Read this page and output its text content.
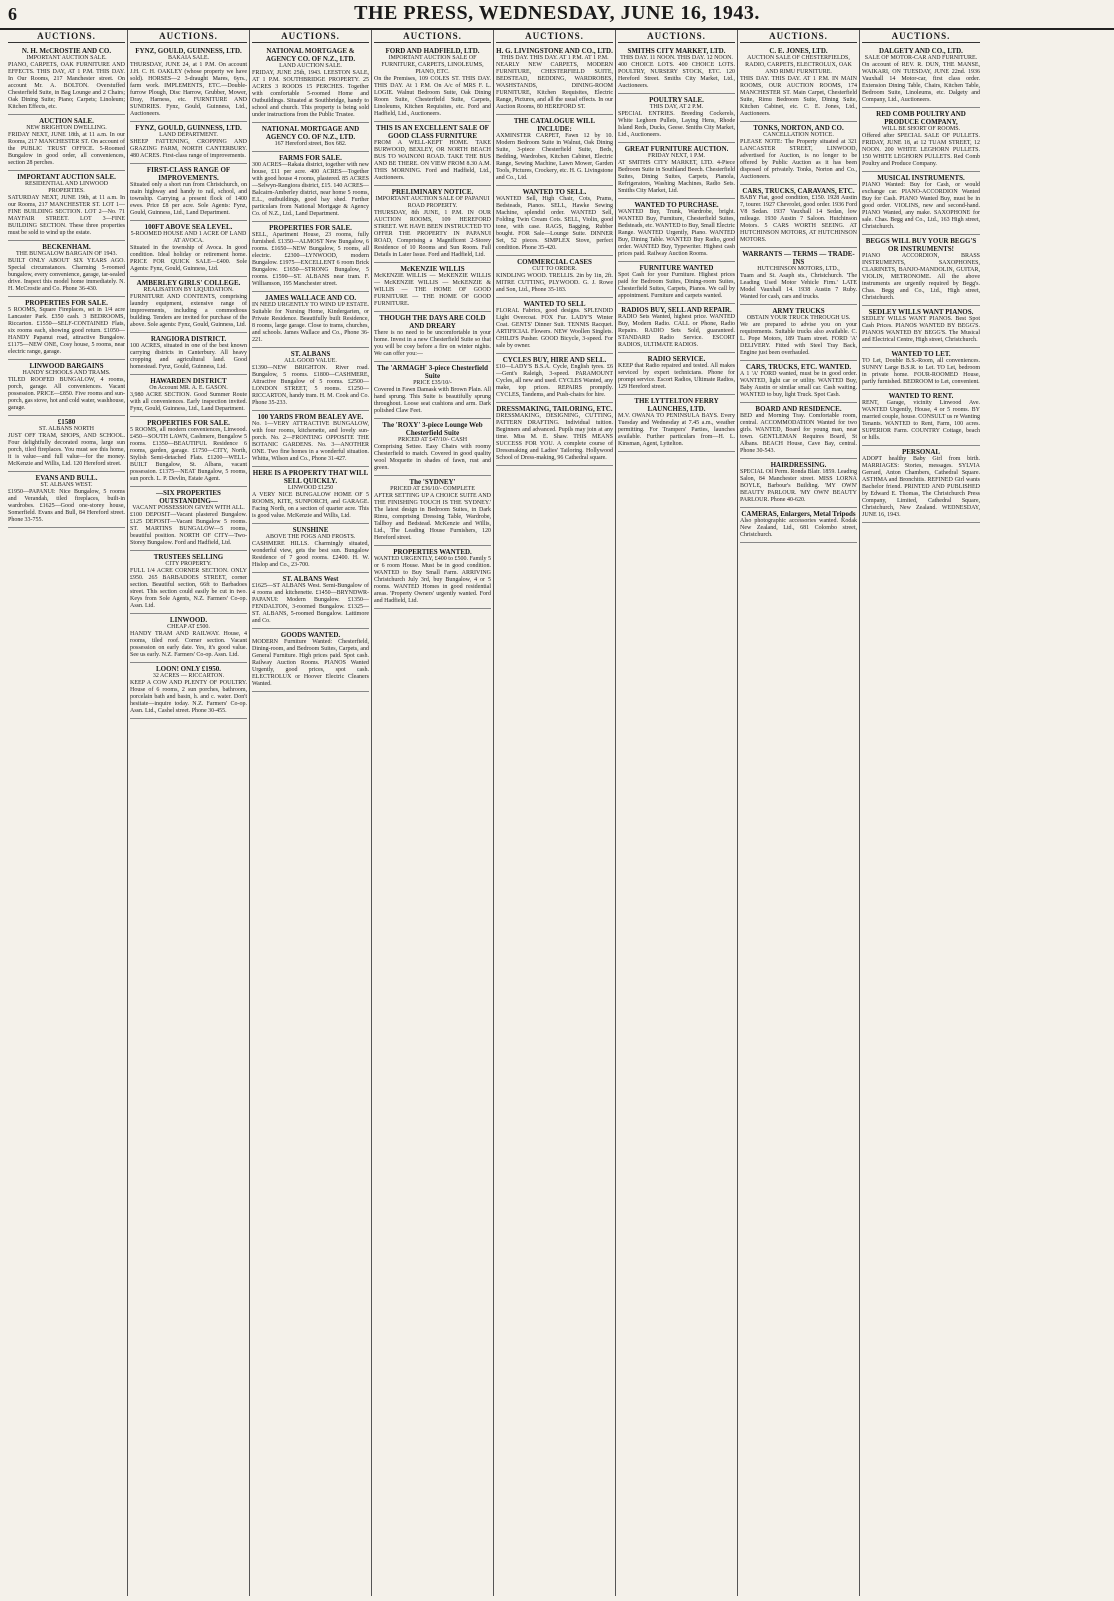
6	THE PRESS, WEDNESDAY, JUNE 16, 1943.
AUCTIONS.
N. H. McCROSTIE AND CO.
IMPORTANT AUCTION SALE.

PIANO, CARPETS, OAK FURNITURE AND EFFECTS. THIS DAY, AT 1 P.M. THIS DAY. In Our Rooms, 217 Manchester street. On account Mr. A. BOLTON. Overstuffed Chesterfield Suite, in Bag Lounge and 2 Chairs; Oak Dining Suite; Piano; Carpets; Linoleum; Kitchen Effects, etc.

AUCTION SALE.
NEW BRIGHTON DWELLING.

FRIDAY NEXT, JUNE 18th, at 11 a.m. In our Rooms, 217 MANCHESTER ST. On account of the PUBLIC TRUST OFFICE. 5-Roomed Bungalow in good order, all conveniences, section 28 perches.

IMPORTANT AUCTION SALE.
RESIDENTIAL AND LINWOOD PROPERTIES.

SATURDAY NEXT, JUNE 19th, at 11 a.m. In our Rooms, 217 MANCHESTER ST. LOT 1—FINE BUILDING SECTION. LOT 2—No. 71 MAYFAIR STREET. LOT 3—FINE BUILDING SECTION. These three properties must be sold to wind up the estate.

BECKENHAM.
THE BUNGALOW BARGAIN OF 1943.

BUILT ONLY ABOUT SIX YEARS AGO. Special circumstances. Charming 5-roomed bungalow, every convenience, garage, tar-sealed drive. Inspect this model home immediately. N. H. McCrostie and Co. Phone 36-430.

PROPERTIES FOR SALE.

5 ROOMS, Square Fireplaces, set in 1/4 acre Lancaster Park. £350 cash. 3 BEDROOMS, Riccarton. £1550—SELF-CONTAINED Flats, six rooms each, showing good return. £1050—HANDY Papanui road, attractive Bungalow. £1175—NEW ONE, Cosy house, 5 rooms, near electric range, garage.

LINWOOD BARGAINS
HANDY SCHOOLS AND TRAMS.

TILED ROOFED BUNGALOW, 4 rooms, porch, garage. All conveniences. Vacant possession. PRICE—£850. Five rooms and sun-porch, gas stove, hot and cold water, washhouse, garage.

£1580
ST. ALBANS NORTH

JUST OFF TRAM, SHOPS, AND SCHOOL. Four delightfully decorated rooms, large sun porch, tiled fireplaces. You must see this home, it is value—and full value—for the money. McKenzie and Willis, Ltd. 120 Hereford street.

EVANS AND BULL.
ST. ALBANS WEST.

£1950—PAPANUI: Nice Bungalow, 5 rooms and Verandah, tiled fireplaces, built-in wardrobes. £1625—Good one-storey house, Somerfield. Evans and Bull, 84 Hereford street. Phone 33-755.

AUCTIONS.
FYNZ, GOULD, GUINNESS, LTD.
BAKAIA SALE.

THURSDAY, JUNE 24, at 1 P.M. On account J.H. C. H. OAKLEY (whose property we have sold). HORSES—2 3-draught Mares, 6yrs., farm work. IMPLEMENTS, ETC.—Double-furrow Plough, Disc Harrow, Grubber, Mower, Dray, Harness, etc. FURNITURE AND SUNDRIES. Fynz, Gould, Guinness, Ltd., Auctioneers.

FYNZ, GOULD, GUINNESS, LTD.
LAND DEPARTMENT.

SHEEP FATTENING, CROPPING AND GRAZING FARM, NORTH CANTERBURY. 480 ACRES. First-class range of improvements.

FIRST-CLASS RANGE OF IMPROVEMENTS.

Situated only a short run from Christchurch, on main highway and handy to rail, school, and township. Carrying a present flock of 1400 ewes. Price £8 per acre. Sole Agents: Fynz, Gould, Guinness, Ltd., Land Department.

100FT ABOVE SEA LEVEL.
5-ROOMED HOUSE AND 1 ACRE OF LAND AT AVOCA.

Situated in the township of Avoca. In good condition. Ideal holiday or retirement home. PRICE FOR QUICK SALE—£400. Sole Agents: Fynz, Gould, Guinness, Ltd.

AMBERLEY GIRLS' COLLEGE.
REALISATION BY LIQUIDATION.

FURNITURE AND CONTENTS, comprising laundry equipment, extensive range of improvements, including a commodious building. Tenders are invited for purchase of the above. Sole agents: Fynz, Gould, Guinness, Ltd.

RANGIORA DISTRICT.

100 ACRES, situated in one of the best known carrying districts in Canterbury. All heavy cropping and agricultural land. Good homestead. Fynz, Gould, Guinness, Ltd.

HAWARDEN DISTRICT
On Account MR. A. E. GASON.

3,980 ACRE SECTION. Good Summer Route with all conveniences. Early inspection invited. Fynz, Gould, Guinness, Ltd., Land Department.

PROPERTIES FOR SALE.

5 ROOMS, all modern conveniences, Linwood. £450—SOUTH LAWN, Cashmere, Bungalow 5 rooms. £1350—BEAUTIFUL Residence 6 rooms, garden, garage. £1750—CITY, North, Stylish Semi-detached Flats. £1200—WELL-BUILT Bungalow, St. Albans, vacant possession. £1375—NEAT Bungalow, 5 rooms, sun porch. L. P. Devlin, Estate Agent.

—SIX PROPERTIES OUTSTANDING—
VACANT POSSESSION GIVEN WITH ALL.

£100 DEPOSIT—Vacant plastered Bungalow. £125 DEPOSIT—Vacant Bungalow 5 rooms. ST. MARTINS BUNGALOW—5 rooms, beautiful position. NORTH OF CITY—Two-Storey Bungalow. Ford and Hadfield, Ltd.

TRUSTEES SELLING
CITY PROPERTY.

FULL 1/4 ACRE CORNER SECTION. ONLY £950. 265 BARBADOES STREET, corner section. Beautiful section, 66ft to Barbadoes street. This section could easily be cut in two. Keys from Sole Agents, N.Z. Farmers' Co-op. Assn. Ltd.

LINWOOD.
CHEAP AT £500.

HANDY TRAM AND RAILWAY. House, 4 rooms, tiled roof. Corner section. Vacant possession on early date. Yes, it's good value. See us early. N.Z. Farmers' Co-op. Assn. Ltd.

LOON! ONLY £1950.
32 ACRES — RICCARTON.

KEEP A COW AND PLENTY OF POULTRY. House of 6 rooms, 2 sun porches, bathroom, porcelain bath and basin, h. and c. water. Don't hesitate—inquire today. N.Z. Farmers' Co-op. Assn. Ltd., Cashel street. Phone 30-455.

AUCTIONS.
NATIONAL MORTGAGE & AGENCY CO. OF N.Z., LTD.
LAND AUCTION SALE.

FRIDAY, JUNE 25th, 1943. LEESTON SALE, AT 1 P.M. SOUTHBRIDGE PROPERTY. 25 ACRES 3 ROODS 15 PERCHES. Together with comfortable 5-roomed Home and Outbuildings. Situated at Southbridge, handy to school and church. This property is being sold under instructions from the Public Trustee.

NATIONAL MORTGAGE AND AGENCY CO. OF N.Z., LTD.
167 Hereford street, Box 682.
FARMS FOR SALE.

300 ACRES—Rakaia district, together with new house, £11 per acre. 400 ACRES—Together with good house 4 rooms, plastered. 85 ACRES—Selwyn-Rangiora district, £15. 140 ACRES—Balcairn-Amberley district, near home 5 rooms, E.L., outbuildings, good hay shed. Further particulars from National Mortgage & Agency Co. of N.Z., Ltd., Land Department.

PROPERTIES FOR SALE.

SELL, Apartment House, 23 rooms, fully furnished. £1350—ALMOST New Bungalow, 6 rooms. £1650—NEW Bungalow, 5 rooms, all electric. £2300—LYNWOOD, modern Bungalow. £1975—EXCELLENT 6 room Brick Bungalow. £1650—STRONG Bungalow, 5 rooms. £1590—ST. ALBANS near tram. F. Williamson, 195 Manchester street.

JAMES WALLACE AND CO.
IN NEED URGENTLY TO WIND UP ESTATE.

Suitable for Nursing Home, Kindergarten, or Private Residence. Beautifully built Residence, 8 rooms, large garage. Close to trams, churches, and schools. James Wallace and Co., Phone 36-221.

ST. ALBANS
ALL GOOD VALUE.

£1390—NEW BRIGHTON. River road. Bungalow, 5 rooms. £1800—CASHMERE, Attractive Bungalow of 5 rooms. £2500—LONDON STREET, 5 rooms. £1250—RICCARTON, handy tram. H. M. Cook and Co. Phone 35-233.

100 YARDS FROM BEALEY AVE.

No. 1—VERY ATTRACTIVE BUNGALOW, with four rooms, kitchenette, and lovely sun-porch. No. 2—FRONTING OPPOSITE THE BOTANIC GARDENS. No. 3—ANOTHER ONE. Two fine homes in a wonderful situation. Whitta, Wilson and Co., Phone 31-427.

HERE IS A PROPERTY THAT WILL SELL QUICKLY.
LINWOOD £1250

A VERY NICE BUNGALOW HOME OF 5 ROOMS, KITE, SUNPORCH, and GARAGE. Facing North, on a section of quarter acre. This is good value. McKenzie and Willis, Ltd.

SUNSHINE
ABOVE THE FOGS AND FROSTS.

CASHMERE HILLS. Charmingly situated, wonderful view, gets the best sun. Bungalow Residence of 7 good rooms. £2400. H. W. Hislop and Co., 23-700.

ST. ALBANS West

£1625—ST ALBANS West. Semi-Bungalow of 4 rooms and kitchenette. £1450—BRYNDWR-PAPANUI: Modern Bungalow. £1350—FENDALTON, 3-roomed Bungalow. £1325—ST. ALBANS, 5-roomed Bungalow. Lattimore and Co.

GOODS WANTED.

MODERN Furniture Wanted: Chesterfield, Dining-room, and Bedroom Suites, Carpets, and General Furniture. High prices paid. Spot cash. Railway Auction Rooms. PIANOS Wanted Urgently, good prices, spot cash. ELECTROLUX or Hoover Electric Cleaners Wanted.

AUCTIONS.
FORD AND HADFIELD, LTD.
IMPORTANT AUCTION SALE OF FURNITURE, CARPETS, LINOLEUMS, PIANO, ETC.

On the Premises, 109 COLES ST. THIS DAY. THIS DAY. At 1 P.M. On A/c of MRS F. L. LOGIE. Walnut Bedroom Suite, Oak Dining Room Suite, Chesterfield Suite, Carpets, Linoleums, Kitchen Requisites, etc. Ford and Hadfield, Ltd., Auctioneers.

THIS IS AN EXCELLENT SALE OF GOOD CLASS FURNITURE

FROM A WELL-KEPT HOME. TAKE BURWOOD, BEXLEY, OR NORTH BEACH BUS TO WAINONI ROAD. TAKE THE BUS AND BE THERE. ON VIEW FROM 8.30 A.M. THIS MORNING. Ford and Hadfield, Ltd., Auctioneers.

PRELIMINARY NOTICE.
IMPORTANT AUCTION SALE OF PAPANUI ROAD PROPERTY.

THURSDAY, 8th JUNE, 1 P.M. IN OUR AUCTION ROOMS, 109 HEREFORD STREET. WE HAVE BEEN INSTRUCTED TO OFFER THE PROPERTY IN PAPANUI ROAD, Comprising a Magnificent 2-Storey Residence of 10 Rooms and Sun Room. Full Details in Later Issue. Ford and Hadfield, Ltd.

McKENZIE WILLIS

McKENZIE WILLIS — McKENZIE WILLIS — McKENZIE WILLIS — McKENZIE & WILLIS — THE HOME OF GOOD FURNITURE — THE HOME OF GOOD FURNITURE.

THOUGH THE DAYS ARE COLD AND DREARY

There is no need to be uncomfortable in your home. Invest in a new Chesterfield Suite so that you will be cosy before a fire on winter nights. We can offer you:—

The 'ARMAGH' 3-piece Chesterfield Suite
PRICE £35/10/-

Covered in Fawn Damask with Brown Plain. All hand sprung. This Suite is beautifully sprung throughout. Loose seat cushions and arm. Dark polished Claw Feet.

The 'ROXY' 3-piece Lounge Web Chesterfield Suite
PRICED AT £47/10/- CASH

Comprising Settee. Easy Chairs with roomy Chesterfield to match. Covered in good quality wool Moquette in shades of fawn, rust and green.

The 'SYDNEY'
PRICED AT £36/10/- COMPLETE

AFTER SETTING UP A CHOICE SUITE AND THE FINISHING TOUCH IS THE 'SYDNEY.' The latest design in Bedroom Suites, in Dark Rimu, comprising Dressing Table, Wardrobe, Tallboy and Bedstead. McKenzie and Willis, Ltd., The Leading House Furnishers, 120 Hereford street.

PROPERTIES WANTED.

WANTED URGENTLY, £400 to £500. Family 5 or 6 room House. Must be in good condition. WANTED to Buy Small Farm. ARRIVING Christchurch July 3rd, buy Bungalow, 4 or 5 rooms. WANTED Homes in good residential areas. 'Property Owners' urgently wanted. Ford and Hadfield, Ltd.

AUCTIONS.
H. G. LIVINGSTONE AND CO., LTD.
THIS DAY. THIS DAY. AT 1 P.M. AT 1 P.M.

NEARLY NEW CARPETS, MODERN FURNITURE, CHESTERFIELD SUITE, BEDSTEAD, BEDDING, WARDROBES, WASHSTANDS, DINING-ROOM FURNITURE, Kitchen Requisites, Electric Range, Pictures, and all the usual effects. In our Auction Rooms, 80 HEREFORD ST.

THE CATALOGUE WILL INCLUDE:

AXMINSTER CARPET, Fawn 12 by 10. Modern Bedroom Suite in Walnut, Oak Dining Suite, 3-piece Chesterfield Suite, Beds, Bedding, Wardrobes, Kitchen Cabinet, Electric Range, Sewing Machine, Lawn Mower, Garden Tools, Pictures, Crockery, etc. H. G. Livingstone and Co., Ltd.

WANTED TO SELL.

WANTED Sell, High Chair, Cots, Prams, Bedsteads, Pianos. SELL, Hawke Sewing Machine, splendid order. WANTED Sell, Folding Twin Cream Cots. SELL, Violin, good tone, with case. RAGS, Bagging, Rubber bought. FOR Sale—Lounge Suite. DINNER Set, 52 pieces. SIMPLEX Stove, perfect condition. Phone 35-420.

COMMERCIAL CASES
CUT TO ORDER.

KINDLING WOOD. TRELLIS. 2in by 1in, 2ft. MITRE CUTTING, PLYWOOD. G. J. Rowe and Son, Ltd., Phone 35-183.

WANTED TO SELL

FLORAL Fabrics, good designs. SPLENDID Light Overcoat. FOX Fur. LADY'S Winter Coat. GENTS' Dinner Suit. TENNIS Racquet. ARTIFICIAL Flowers. NEW Woollen Singlets. CHILD'S Pusher. GOOD Bicycle, 3-speed. For sale by owner.

CYCLES BUY, HIRE AND SELL.

£10—LADY'S B.S.A. Cycle, English tyres. £6—Gent's Raleigh, 3-speed. PARAMOUNT Cycles, all new and used. CYCLES Wanted, any make, top prices. REPAIRS promptly. CYCLES, Tandems, and Push-chairs for hire.

DRESSMAKING, TAILORING, ETC.

DRESSMAKING, DESIGNING, CUTTING, PATTERN DRAFTING. Individual tuition. Beginners and advanced. Pupils may join at any time. Miss M. E. Shaw. THIS MEANS SUCCESS FOR YOU. A complete course of Dressmaking and Ladies' Tailoring. Hollywood School of Dress-making, 96 Cathedral square.

AUCTIONS.
SMITHS CITY MARKET, LTD.
THIS DAY. 11 NOON. THIS DAY. 12 NOON.

400 CHOICE LOTS. 400 CHOICE LOTS. POULTRY, NURSERY STOCK, ETC. 120 Hereford Street. Smiths City Market, Ltd., Auctioneers.

POULTRY SALE.
THIS DAY, AT 2 P.M.

SPECIAL ENTRIES. Breeding Cockerels, White Leghorn Pullets, Laying Hens, Rhode Island Reds, Ducks, Geese. Smiths City Market, Ltd., Auctioneers.

GREAT FURNITURE AUCTION.
FRIDAY NEXT, 1 P.M.

AT SMITHS CITY MARKET, LTD. 4-Piece Bedroom Suite in Southland Beech. Chesterfield Suites, Dining Suites, Carpets, Pianola, Refrigerators, Washing Machines, Radio Sets. Smiths City Market, Ltd.

WANTED TO PURCHASE.

WANTED Buy, Trunk, Wardrobe, bright. WANTED Buy, Furniture, Chesterfield Suites, Bedsteads, etc. WANTED to Buy, Small Electric Range. WANTED Urgently, Piano. WANTED Buy, Dining Table. WANTED Buy Radio, good order. WANTED Buy, Typewriter. Highest cash prices paid. Railway Auction Rooms.

FURNITURE WANTED

Spot Cash for your Furniture. Highest prices paid for Bedroom Suites, Dining-room Suites, Chesterfield Suites, Carpets, Pianos. We call by appointment. Furniture and carpets wanted.

RADIOS BUY, SELL AND REPAIR.

RADIO Sets Wanted, highest price. WANTED Buy, Modern Radio. CALL or Phone, Radio Repairs. RADIO Sets Sold, guaranteed. STANDARD Radio Service. ESCORT RADIOS, ULTIMATE RADIOS.

RADIO SERVICE.

KEEP that Radio repaired and tested. All makes serviced by expert technicians. Phone for prompt service. Escort Radios, Ultimate Radios, 129 Hereford street.

THE LYTTELTON FERRY LAUNCHES, LTD.

M.V. OWANA TO PENINSULA BAYS. Every Tuesday and Wednesday at 7.45 a.m., weather permitting. For Trampers' Parties, launches available. Further particulars from—H. L. Kinsman, Agent, Lyttelton.

AUCTIONS.
C. E. JONES, LTD.
AUCTION SALE OF CHESTERFIELDS, RADIO, CARPETS, ELECTROLUX, OAK AND RIMU FURNITURE.

THIS DAY. THIS DAY. AT 1 P.M. IN MAIN ROOMS, OUR AUCTION ROOMS, 174 MANCHESTER ST. Main Carpet, Chesterfield Suite, Rimu Bedroom Suite, Dining Suite, Kitchen Cabinet, etc. C. E. Jones, Ltd., Auctioneers.

TONKS, NORTON, AND CO.
CANCELLATION NOTICE.

PLEASE NOTE: The Property situated at 321 LANCASTER STREET, LINWOOD, advertised for Auction, is no longer to be offered by Public Auction as it has been disposed of privately. Tonks, Norton and Co., Auctioneers.

CARS, TRUCKS, CARAVANS, ETC.

BABY Fiat, good condition, £150. 1928 Austin 7, tourer. 1927 Chevrolet, good order. 1936 Ford V8 Sedan. 1937 Vauxhall 14 Sedan, low mileage. 1930 Austin 7 Saloon. Hutchinson Motors. 5 CARS WORTH SEEING. AT HUTCHINSON MOTORS, AT HUTCHINSON MOTORS.

WARRANTS — TERMS — TRADE-INS
HUTCHINSON MOTORS, LTD.,

Tuam and St. Asaph sts., Christchurch. 'The Leading Used Motor Vehicle Firm.' LATE Model Vauxhall 14. 1938 Austin 7 Ruby. Wanted for cash, cars and trucks.

ARMY TRUCKS
OBTAIN YOUR TRUCK THROUGH US.

We are prepared to advise you on your requirements. Suitable trucks also available. C. L. Pope Motors, 189 Tuam street. FORD 'A' DELIVERY. Fitted with Steel Tray Back, Engine just been overhauled.

CARS, TRUCKS, ETC. WANTED.

A 1 'A' FORD wanted, must be in good order. WANTED, light car or utility. WANTED Buy, Baby Austin or similar small car. Cash waiting. WANTED to buy, light Truck. Spot Cash.

BOARD AND RESIDENCE.

BED and Morning Tray. Comfortable room, central. ACCOMMODATION Wanted for two girls. WANTED, Board for young man, near town. GENTLEMAN Requires Board, St Albans. BEACH House, Cave Bay, central. Phone 30-543.

HAIRDRESSING.

SPECIAL Oil Perm. Ronda Blair. 1859. Leading Salon, 84 Manchester street. MISS LORNA BOYLE, Barbour's Building. 'MY OWN' BEAUTY PARLOUR. 'MY OWN' BEAUTY PARLOUR. Phone 40-620.

CAMERAS, Enlargers, Metal Tripods

Also photographic accessories wanted. Kodak New Zealand, Ltd., 681 Colombo street, Christchurch.

AUCTIONS.
DALGETY AND CO., LTD.
SALE OF MOTOR-CAR AND FURNITURE.

On account of REV. R. DUN, THE MANSE, WAIKARI, ON TUESDAY, JUNE 22nd. 1936 Vauxhall 14 Motor-car, first class order. Extension Dining Table, Chairs, Kitchen Table, Bedroom Suite, Linoleums, etc. Dalgety and Company, Ltd., Auctioneers.

RED COMB POULTRY AND PRODUCE COMPANY,
WILL BE SHORT OF ROOMS.

Offered after SPECIAL SALE OF PULLETS. FRIDAY, JUNE 18, at 12 TUAM STREET, 12 NOON. 200 WHITE LEGHORN PULLETS. 150 WHITE LEGHORN PULLETS. Red Comb Poultry and Produce Company.

MUSICAL INSTRUMENTS.

PIANO Wanted: Buy for Cash, or would exchange car. PIANO-ACCORDION Wanted Buy for Cash. PIANO Wanted Buy, must be in good order. VIOLINS, new and second-hand. PIANO Wanted, any make. SAXOPHONE for sale. Chas. Begg and Co., Ltd., 163 High street, Christchurch.

BEGGS WILL BUY YOUR BEGG'S OR INSTRUMENTS!

PIANO ACCORDION, BRASS INSTRUMENTS, SAXOPHONES, CLARINETS, BANJO-MANDOLIN, GUITAR, VIOLIN, METRONOME. All the above instruments are urgently required by Begg's. Chas. Begg and Co., Ltd., High street, Christchurch.

SEDLEY WILLS WANT PIANOS.

SEDLEY WILLS WANT PIANOS. Best Spot Cash Prices. PIANOS WANTED BY BEGG'S. PIANOS WANTED BY BEGG'S. The Musical and Electrical Centre, High street, Christchurch.

WANTED TO LET.

TO Let, Double B.S.-Room, all conveniences. SUNNY Large B.S.R. to Let. TO Let, bedroom in private home. FOUR-ROOMED House, partly furnished. BEDROOM to Let, convenient.

WANTED TO RENT.

RENT, Garage, vicinity Linwood Ave. WANTED Urgently, House, 4 or 5 rooms. BY married couple, house. CONSULT us re Wanting Tenants. WANTED to Rent, Farm, 100 acres. SUPERIOR Farm. COUNTRY Cottage, beach or hills.

PERSONAL

ADOPT healthy Baby Girl from birth. MARRIAGES: Stories, messages. SYLVIA Gerrard, Anton Chambers, Cathedral Square. ASTHMA and Bronchitis. REFINED Girl wants Bachelor friend. PRINTED AND PUBLISHED by Edward E. Thomas, The Christchurch Press Company, Limited, Cathedral Square, Christchurch, New Zealand. WEDNESDAY, JUNE 16, 1943.
